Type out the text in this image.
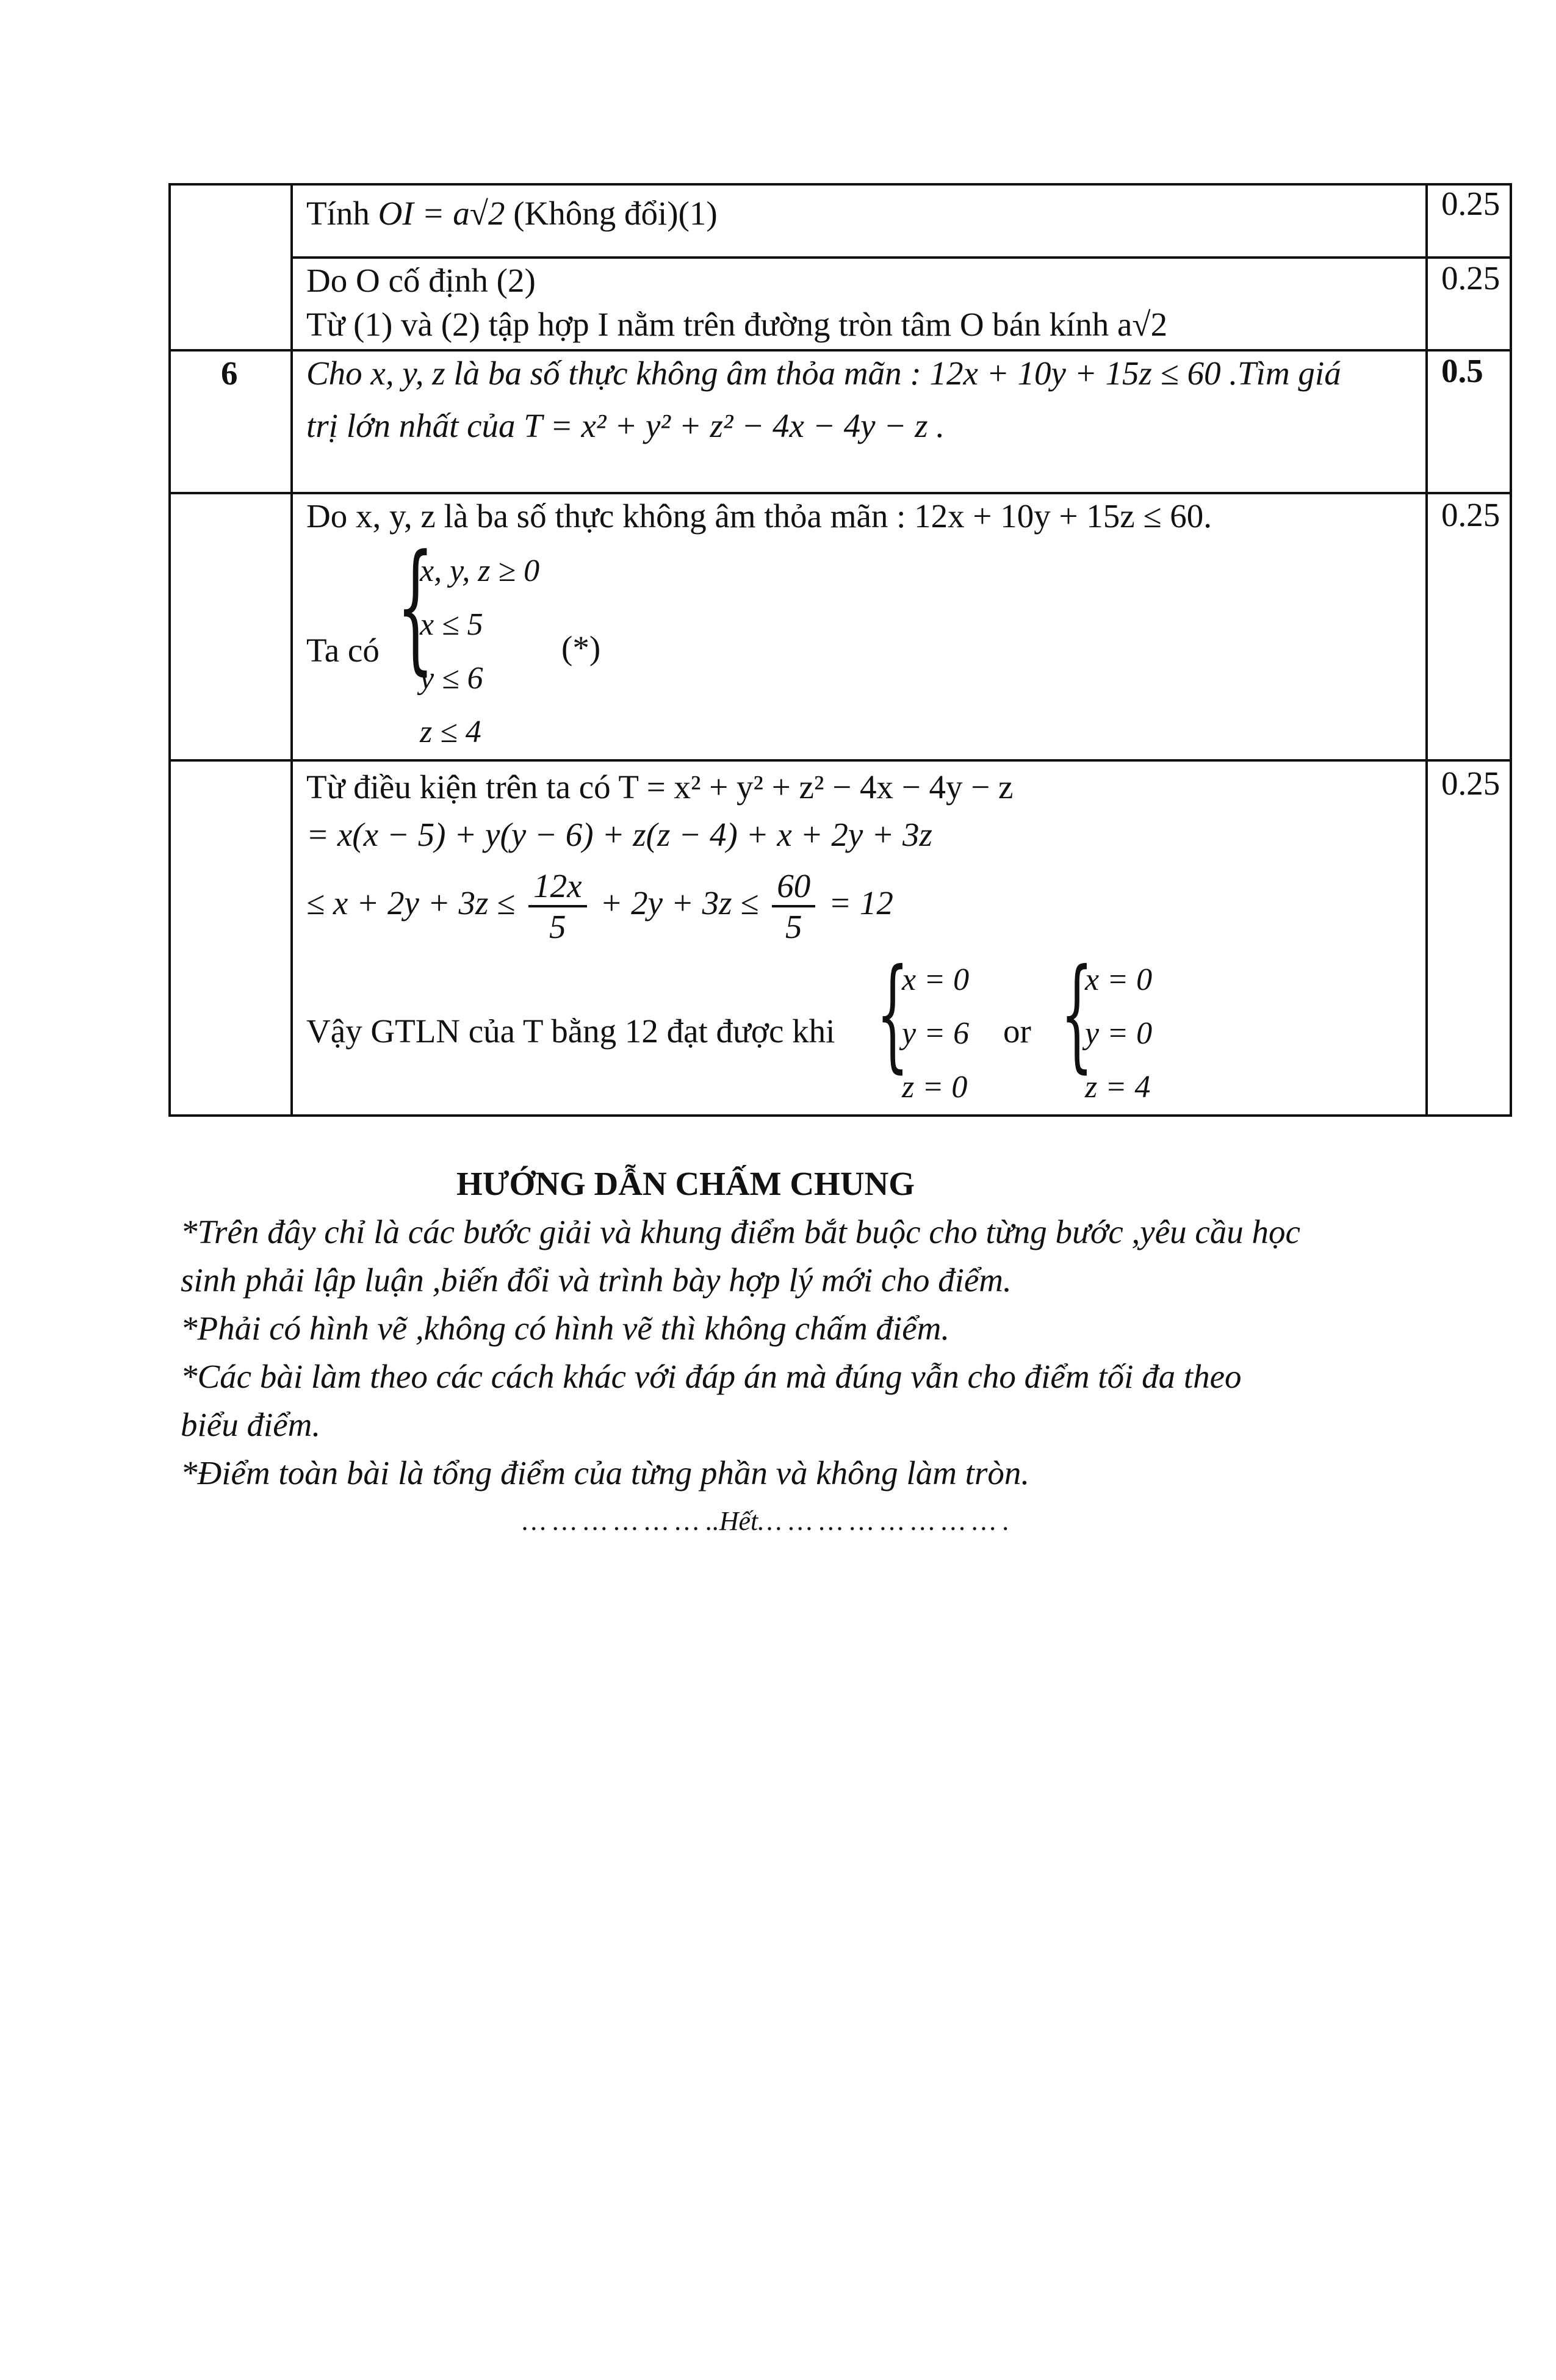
Tính OI = a√2 (Không đổi)(1)	0.25
Do O cố định (2)
Từ (1) và (2) tập hợp I nằm trên đường tròn tâm O bán kính a√2
0.25
6 Cho x, y, z là ba số thực không âm thỏa mãn : 12x + 10y + 15z ≤ 60 .Tìm giá
trị lớn nhất của T = x² + y² + z² − 4x − 4y − z .
0.5
Do x, y, z là ba số thực không âm thỏa mãn : 12x + 10y + 15z ≤ 60.
Ta có {
x, y, z ≥ 0
x ≤ 5
y ≤ 6
z ≤ 4
(*)
0.25
Từ điều kiện trên ta có T = x² + y² + z² − 4x − 4y − z
= x(x − 5) + y(y − 6) + z(z − 4) + x + 2y + 3z
≤ $x + 2y + 3z \le \frac{12x}{5} + 2y + 3z \le \frac{60}{5} = 12$
Vậy GTLN của T bằng 12 đạt được khi {
x = 0
y = 6
z = 0
or {
x = 0
y = 0
z = 4
0.25
HƯỚNG DẪN CHẤM CHUNG
*Trên đây chỉ là các bước giải và khung điểm bắt buộc cho từng bước ,yêu cầu học
sinh phải lập luận ,biến đổi và trình bày hợp lý mới cho điểm.
*Phải có hình vẽ ,không có hình vẽ thì không chấm điểm.
*Các bài làm theo các cách khác với đáp án mà đúng vẫn cho điểm tối đa theo
biểu điểm.
*Điểm toàn bài là tổng điểm của từng phần và không làm tròn.
… … … … … … ..Hết… … … … … … … … .
